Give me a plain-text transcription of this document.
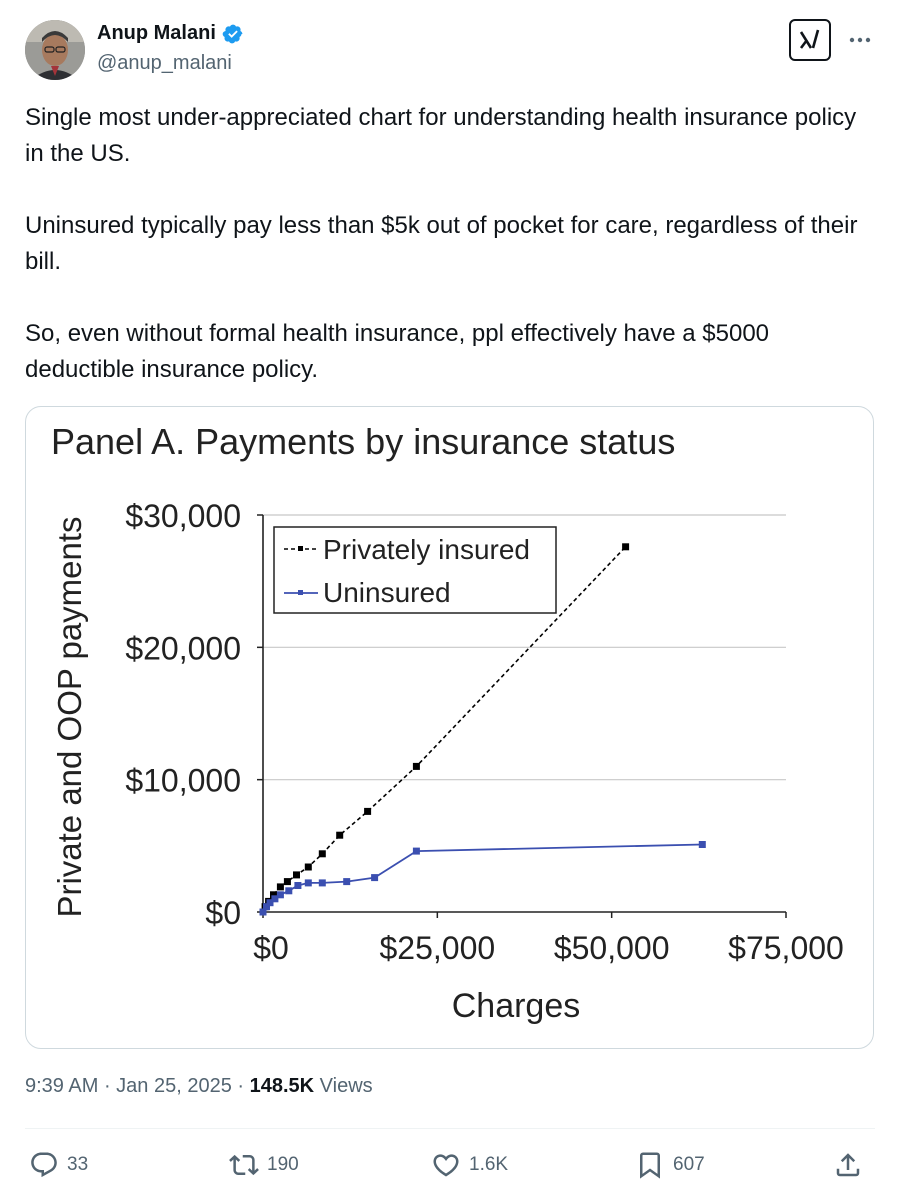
Anup Malani
@anup_malani

Single most under-appreciated chart for understanding health insurance policy in the US.

Uninsured typically pay less than $5k out of pocket for care, regardless of their bill.

So, even without formal health insurance, ppl effectively have a $5000 deductible insurance policy.

Panel A. Payments by insurance status
Private and OOP payments
Charges
$0
$10,000
$20,000
$30,000
$0	$25,000 $50,000 $75,000
Privately insured
Uninsured
9:39 AM · Jan 25, 2025 · 148.5K Views
33	190	1.6K	607
